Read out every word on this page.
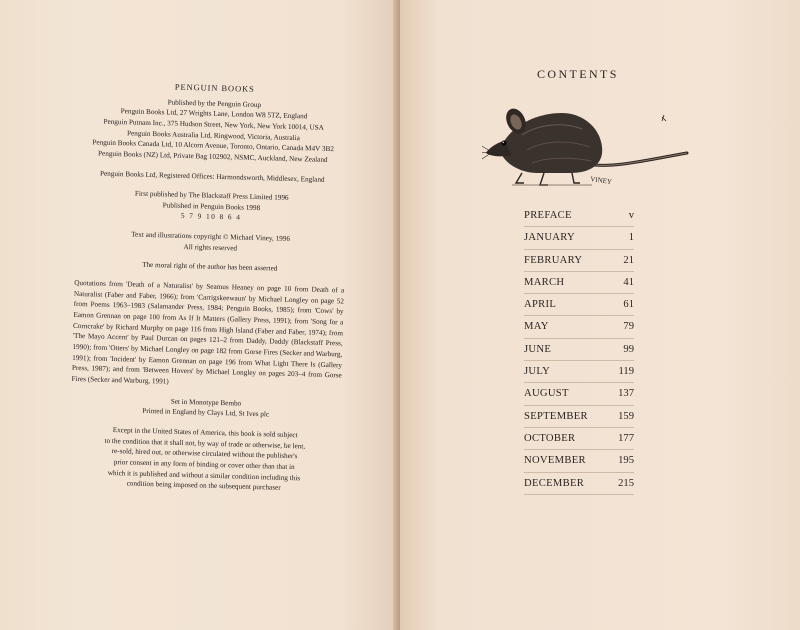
PENGUIN BOOKS

Published by the Penguin Group

Penguin Books Ltd, 27 Wrights Lane, London W8 5TZ, England

Penguin Putnam Inc., 375 Hudson Street, New York, New York 10014, USA

Penguin Books Australia Ltd, Ringwood, Victoria, Australia

Penguin Books Canada Ltd, 10 Alcorn Avenue, Toronto, Ontario, Canada M4V 3B2

Penguin Books (NZ) Ltd, Private Bag 102902, NSMC, Auckland, New Zealand

Penguin Books Ltd, Registered Offices: Harmondsworth, Middlesex, England

First published by The Blackstaff Press Limited 1996

Published in Penguin Books 1998

5 7 9 10 8 6 4

Text and illustrations copyright © Michael Viney, 1996

All rights reserved

The moral right of the author has been asserted

Quotations from 'Death of a Naturalist' by Seamus Heaney on page 10 from Death of a Naturalist (Faber and Faber, 1966); from 'Carrigskeewaun' by Michael Longley on page 52 from Poems 1963–1983 (Salamander Press, 1984; Penguin Books, 1985); from 'Cows' by Eamon Grennan on page 100 from As If It Matters (Gallery Press, 1991); from 'Song for a Corncrake' by Richard Murphy on page 116 from High Island (Faber and Faber, 1974); from 'The Mayo Accent' by Paul Durcan on pages 121–2 from Daddy, Daddy (Blackstaff Press, 1990); from 'Otters' by Michael Longley on page 182 from Gorse Fires (Secker and Warburg, 1991); from 'Incident' by Eamon Grennan on page 196 from What Light There Is (Gallery Press, 1987); and from 'Between Hovers' by Michael Longley on pages 203–4 from Gorse Fires (Secker and Warburg, 1991)

Set in Monotype Bembo

Printed in England by Clays Ltd, St Ives plc

Except in the United States of America, this book is sold subject

to the condition that it shall not, by way of trade or otherwise, be lent,

re-sold, hired out, or otherwise circulated without the publisher's

prior consent in any form of binding or cover other than that in

which it is published and without a similar condition including this

condition being imposed on the subsequent purchaser

CONTENTS
VINEY
PREFACE	v
JANUARY	1
FEBRUARY	21
MARCH	41
APRIL	61
MAY	79
JUNE	99
JULY	119
AUGUST	137
SEPTEMBER	159
OCTOBER	177
NOVEMBER	195
DECEMBER	215
